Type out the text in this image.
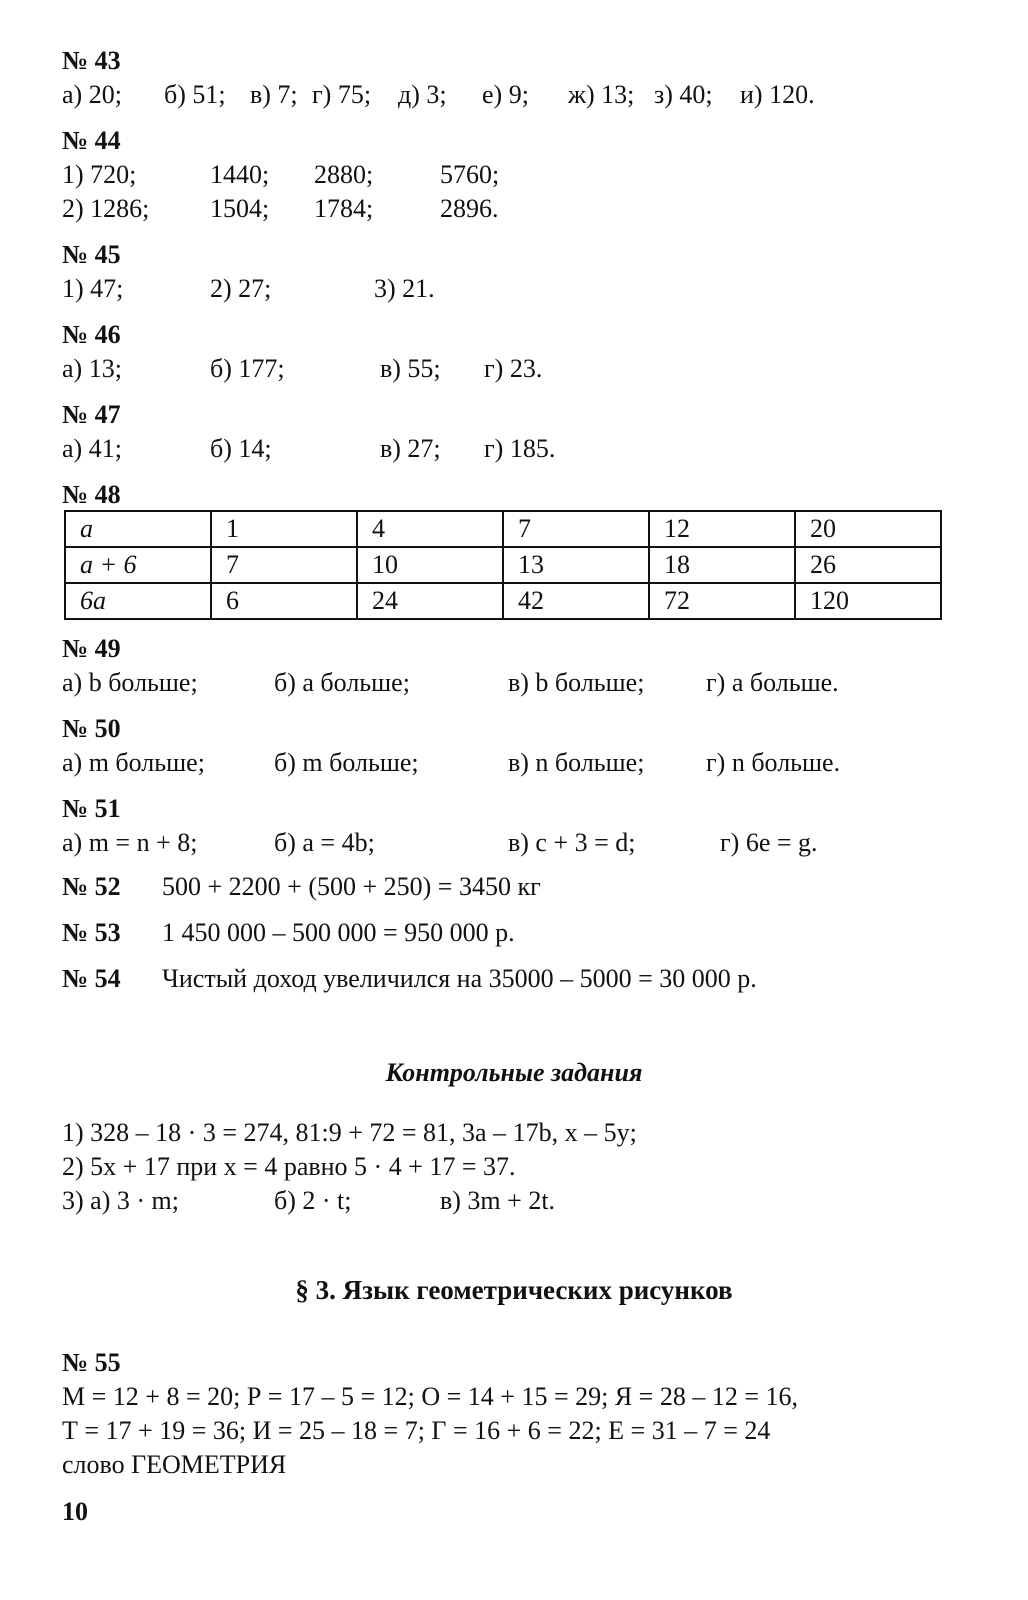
№ 43
а) 20; б) 51; в) 7; г) 75; д) 3; е) 9; ж) 13; з) 40; и) 120.
№ 44
1) 720;	1440; 2880;	5760;
2) 1286; 1504; 1784;	2896.
№ 45
1) 47;	2) 27;	3) 21.
№ 46
а) 13;	б) 177;	в) 55; г) 23.
№ 47
а) 41;	б) 14;	в) 27; г) 185.
№ 48
a	1	4	7	12	20
a + 6	7	10	13	18	26
6a	6	24	42	72	120
№ 49
а) b больше;	б) a больше;	в) b больше; г) a больше.
№ 50
а) m больше;	б) m больше;	в) n больше; г) n больше.
№ 51
а) m = n + 8;	б) a = 4b;	в) c + 3 = d;	г) 6e = g.
№ 52 500 + 2200 + (500 + 250) = 3450 кг
№ 53 1 450 000 – 500 000 = 950 000 р.
№ 54 Чистый доход увеличился на 35000 – 5000 = 30 000 р.
Контрольные задания
1) 328 – 18 · 3 = 274, 81:9 + 72 = 81, 3a – 17b, x – 5y;
2) 5x + 17 при x = 4 равно 5 · 4 + 17 = 37.
3) а) 3 · m;	б) 2 · t;	в) 3m + 2t.
§ 3. Язык геометрических рисунков
№ 55
М = 12 + 8 = 20; Р = 17 – 5 = 12; О = 14 + 15 = 29; Я = 28 – 12 = 16,
Т = 17 + 19 = 36; И = 25 – 18 = 7; Г = 16 + 6 = 22; Е = 31 – 7 = 24
слово ГЕОМЕТРИЯ
10
